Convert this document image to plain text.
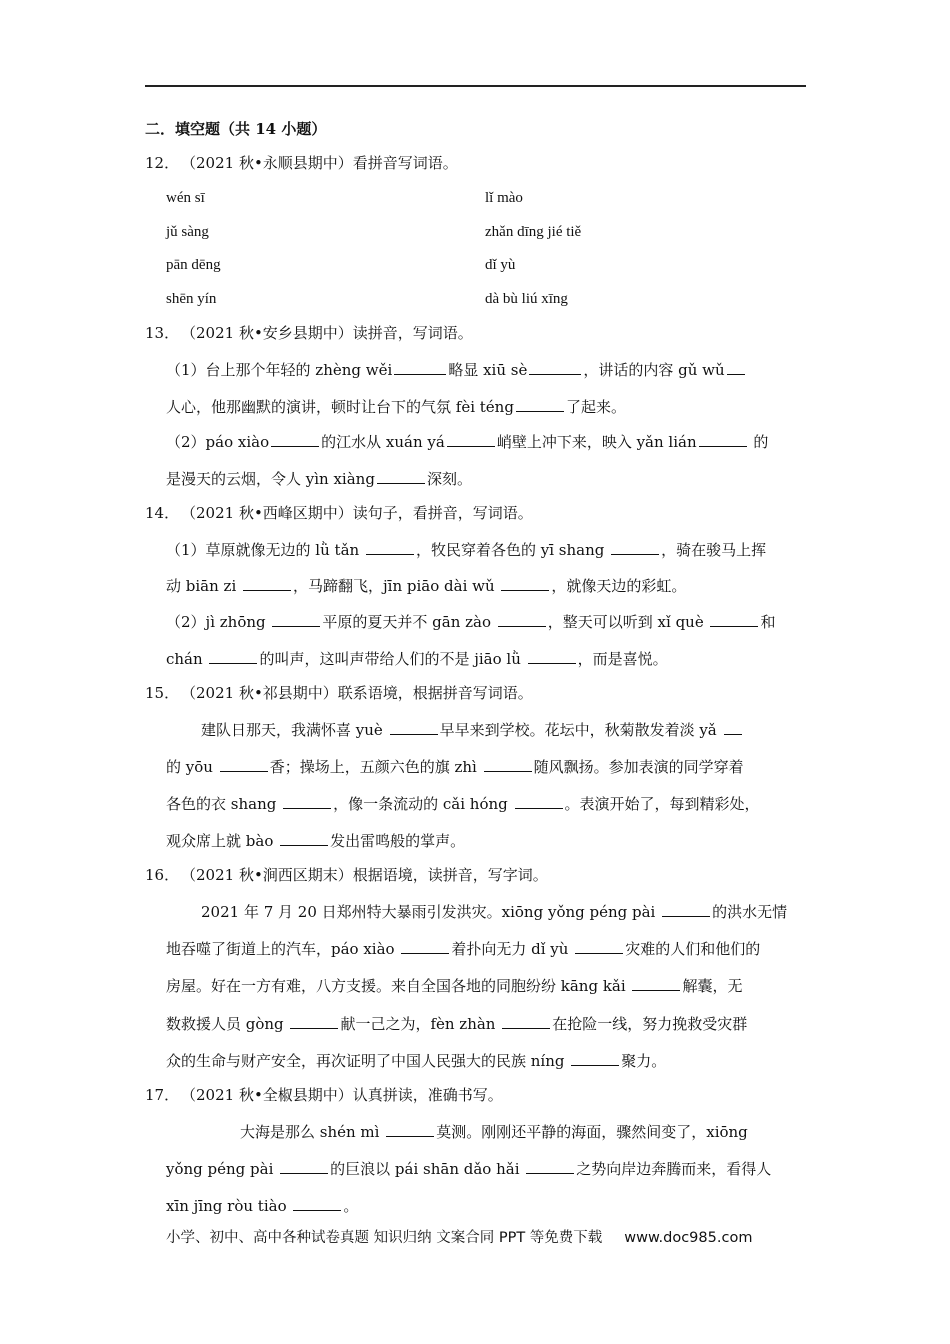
二．填空题（共 14 小题）
12． （2021 秋•永顺县期中）看拼音写词语。
wén sī	lǐ mào
jǔ sàng	zhǎn dīng jié tiě
pān dēng	dǐ yù
shēn yín	dà bù liú xīng
13． （2021 秋•安乡县期中）读拼音，写词语。
（1）台上那个年轻的 zhèng wěi	略显 xiū sè	，讲话的内容 gǔ wǔ
人心，他那幽默的演讲，顿时让台下的气氛 fèi téng	了起来。
（2）páo xiào	的江水从 xuán yá	峭壁上冲下来，映入 yǎn lián	的
是漫天的云烟，令人 yìn xiàng	深刻。
14． （2021 秋•西峰区期中）读句子，看拼音，写词语。
（1）草原就像无边的 lǜ tǎn	，牧民穿着各色的 yī shang	，骑在骏马上挥
动 biān zi	，马蹄翻飞，jīn piāo dài wǔ	，就像天边的彩虹。
（2）jì zhōng	平原的夏天并不 gān zào	，整天可以听到 xǐ què	和
chán	的叫声，这叫声带给人们的不是 jiāo lǜ	，而是喜悦。
15． （2021 秋•祁县期中）联系语境，根据拼音写词语。
建队日那天，我满怀喜 yuè	早早来到学校。花坛中，秋菊散发着淡 yǎ
的 yōu	香；操场上，五颜六色的旗 zhì	随风飘扬。参加表演的同学穿着
各色的衣 shang	，像一条流动的 cǎi hóng	。表演开始了，每到精彩处，
观众席上就 bào	发出雷鸣般的掌声。
16． （2021 秋•涧西区期末）根据语境，读拼音，写字词。
2021 年 7 月 20 日郑州特大暴雨引发洪灾。xiōng yǒng péng pài	的洪水无情
地吞噬了街道上的汽车，páo xiào	着扑向无力 dǐ yù	灾难的人们和他们的
房屋。好在一方有难，八方支援。来自全国各地的同胞纷纷 kāng kǎi	解囊，无
数救援人员 gòng	献一己之为，fèn zhàn	在抢险一线，努力挽救受灾群
众的生命与财产安全，再次证明了中国人民强大的民族 níng	聚力。
17． （2021 秋•全椒县期中）认真拼读，准确书写。
大海是那么 shén mì	莫测。刚刚还平静的海面，骤然间变了，xiōng
yǒng péng pài	的巨浪以 pái shān dǎo hǎi	之势向岸边奔腾而来，看得人
xīn jīng ròu tiào	。
小学、初中、高中各种试卷真题 知识归纳 文案合同 PPT 等免费下载 www.doc985.com
